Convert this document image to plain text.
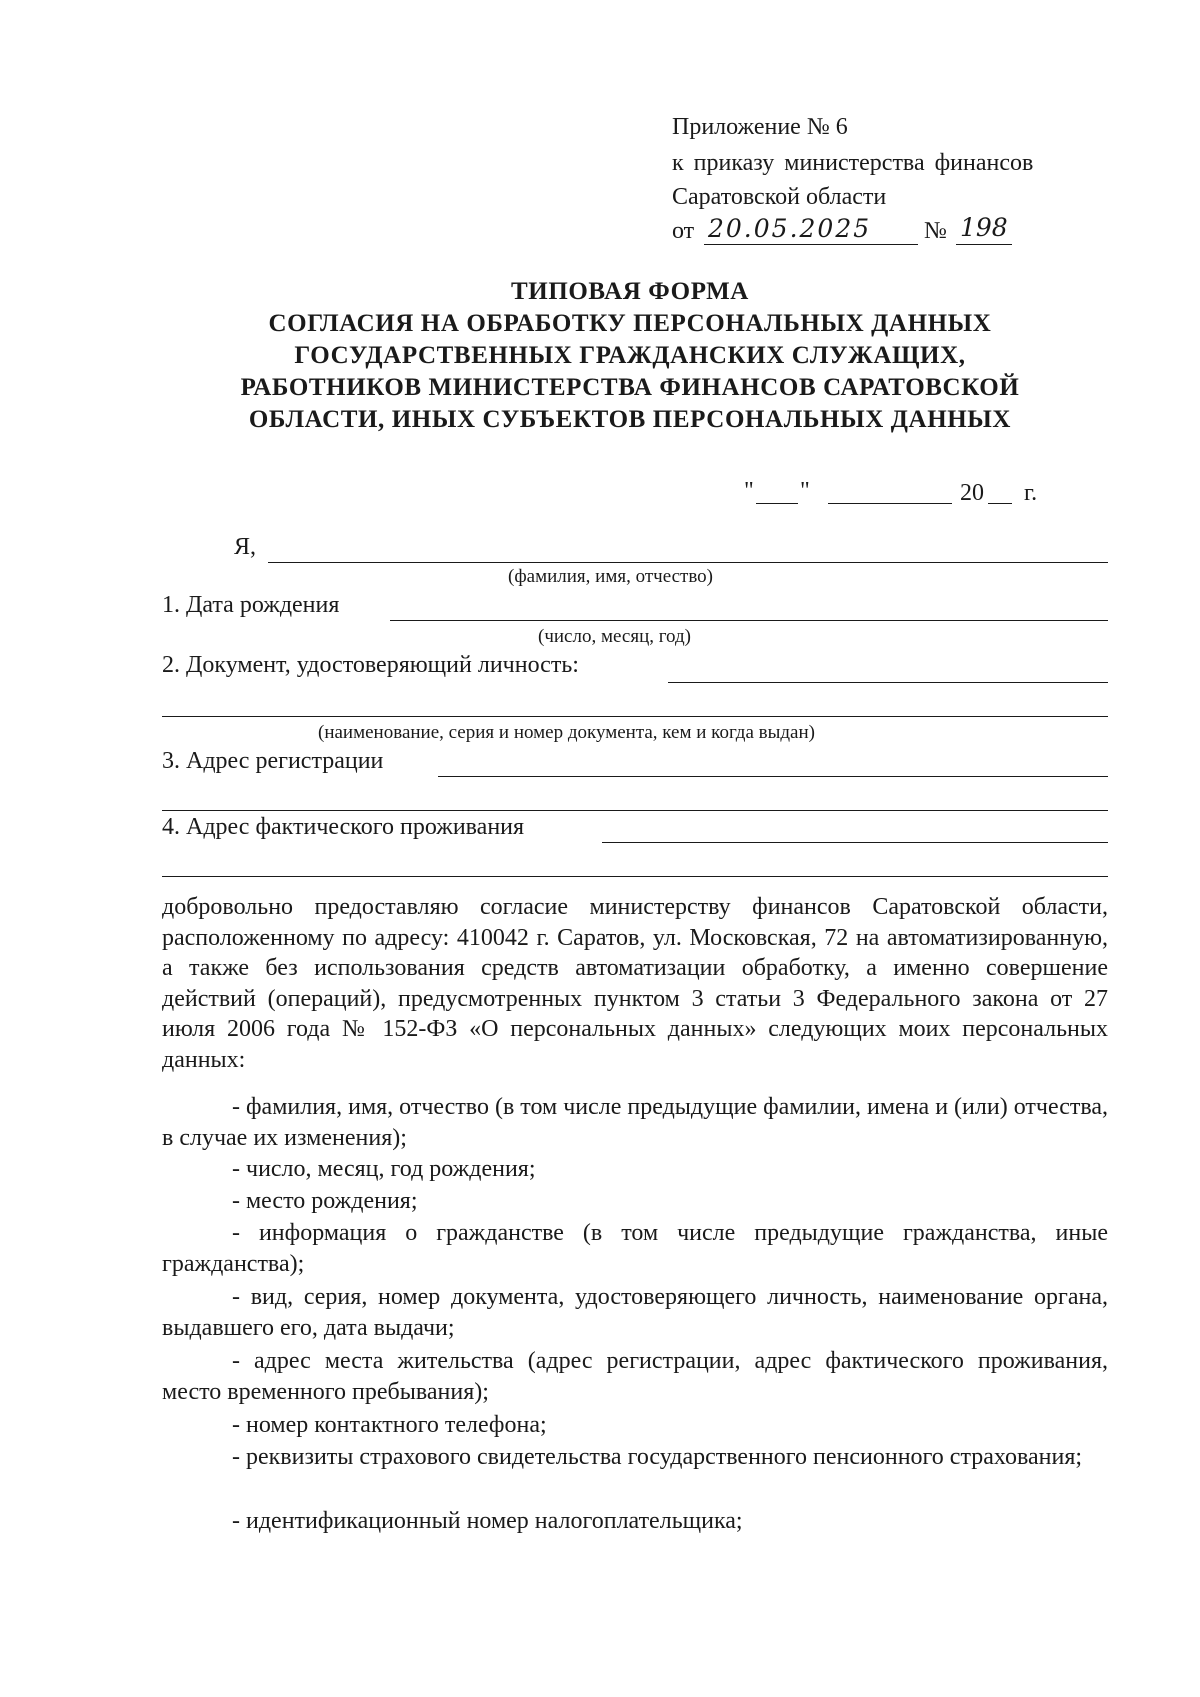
Приложение № 6
к приказу министерства финансов
Саратовской области
от 20.05.2025 № 198
ТИПОВАЯ ФОРМА
СОГЛАСИЯ НА ОБРАБОТКУ ПЕРСОНАЛЬНЫХ ДАННЫХ
ГОСУДАРСТВЕННЫХ ГРАЖДАНСКИХ СЛУЖАЩИХ,
РАБОТНИКОВ МИНИСТЕРСТВА ФИНАНСОВ САРАТОВСКОЙ
ОБЛАСТИ, ИНЫХ СУБЪЕКТОВ ПЕРСОНАЛЬНЫХ ДАННЫХ
" "	20 г.
Я,
(фамилия, имя, отчество)
1. Дата рождения
(число, месяц, год)
2. Документ, удостоверяющий личность:
(наименование, серия и номер документа, кем и когда выдан)
3. Адрес регистрации
4. Адрес фактического проживания
добровольно предоставляю согласие министерству финансов Саратовской области, расположенному по адресу: 410042 г. Саратов, ул. Московская, 72 на автоматизированную, а также без использования средств автоматизации обработку, а именно совершение действий (операций), предусмотренных пунктом 3 статьи 3 Федерального закона от 27 июля 2006 года № 152-ФЗ «О персональных данных» следующих моих персональных данных:
- фамилия, имя, отчество (в том числе предыдущие фамилии, имена и (или) отчества, в случае их изменения);
- число, месяц, год рождения;
- место рождения;
- информация о гражданстве (в том числе предыдущие гражданства, иные гражданства);
- вид, серия, номер документа, удостоверяющего личность, наименование органа, выдавшего его, дата выдачи;
- адрес места жительства (адрес регистрации, адрес фактического проживания, место временного пребывания);
- номер контактного телефона;
- реквизиты страхового свидетельства государственного пенсионного страхования;
- идентификационный номер налогоплательщика;
